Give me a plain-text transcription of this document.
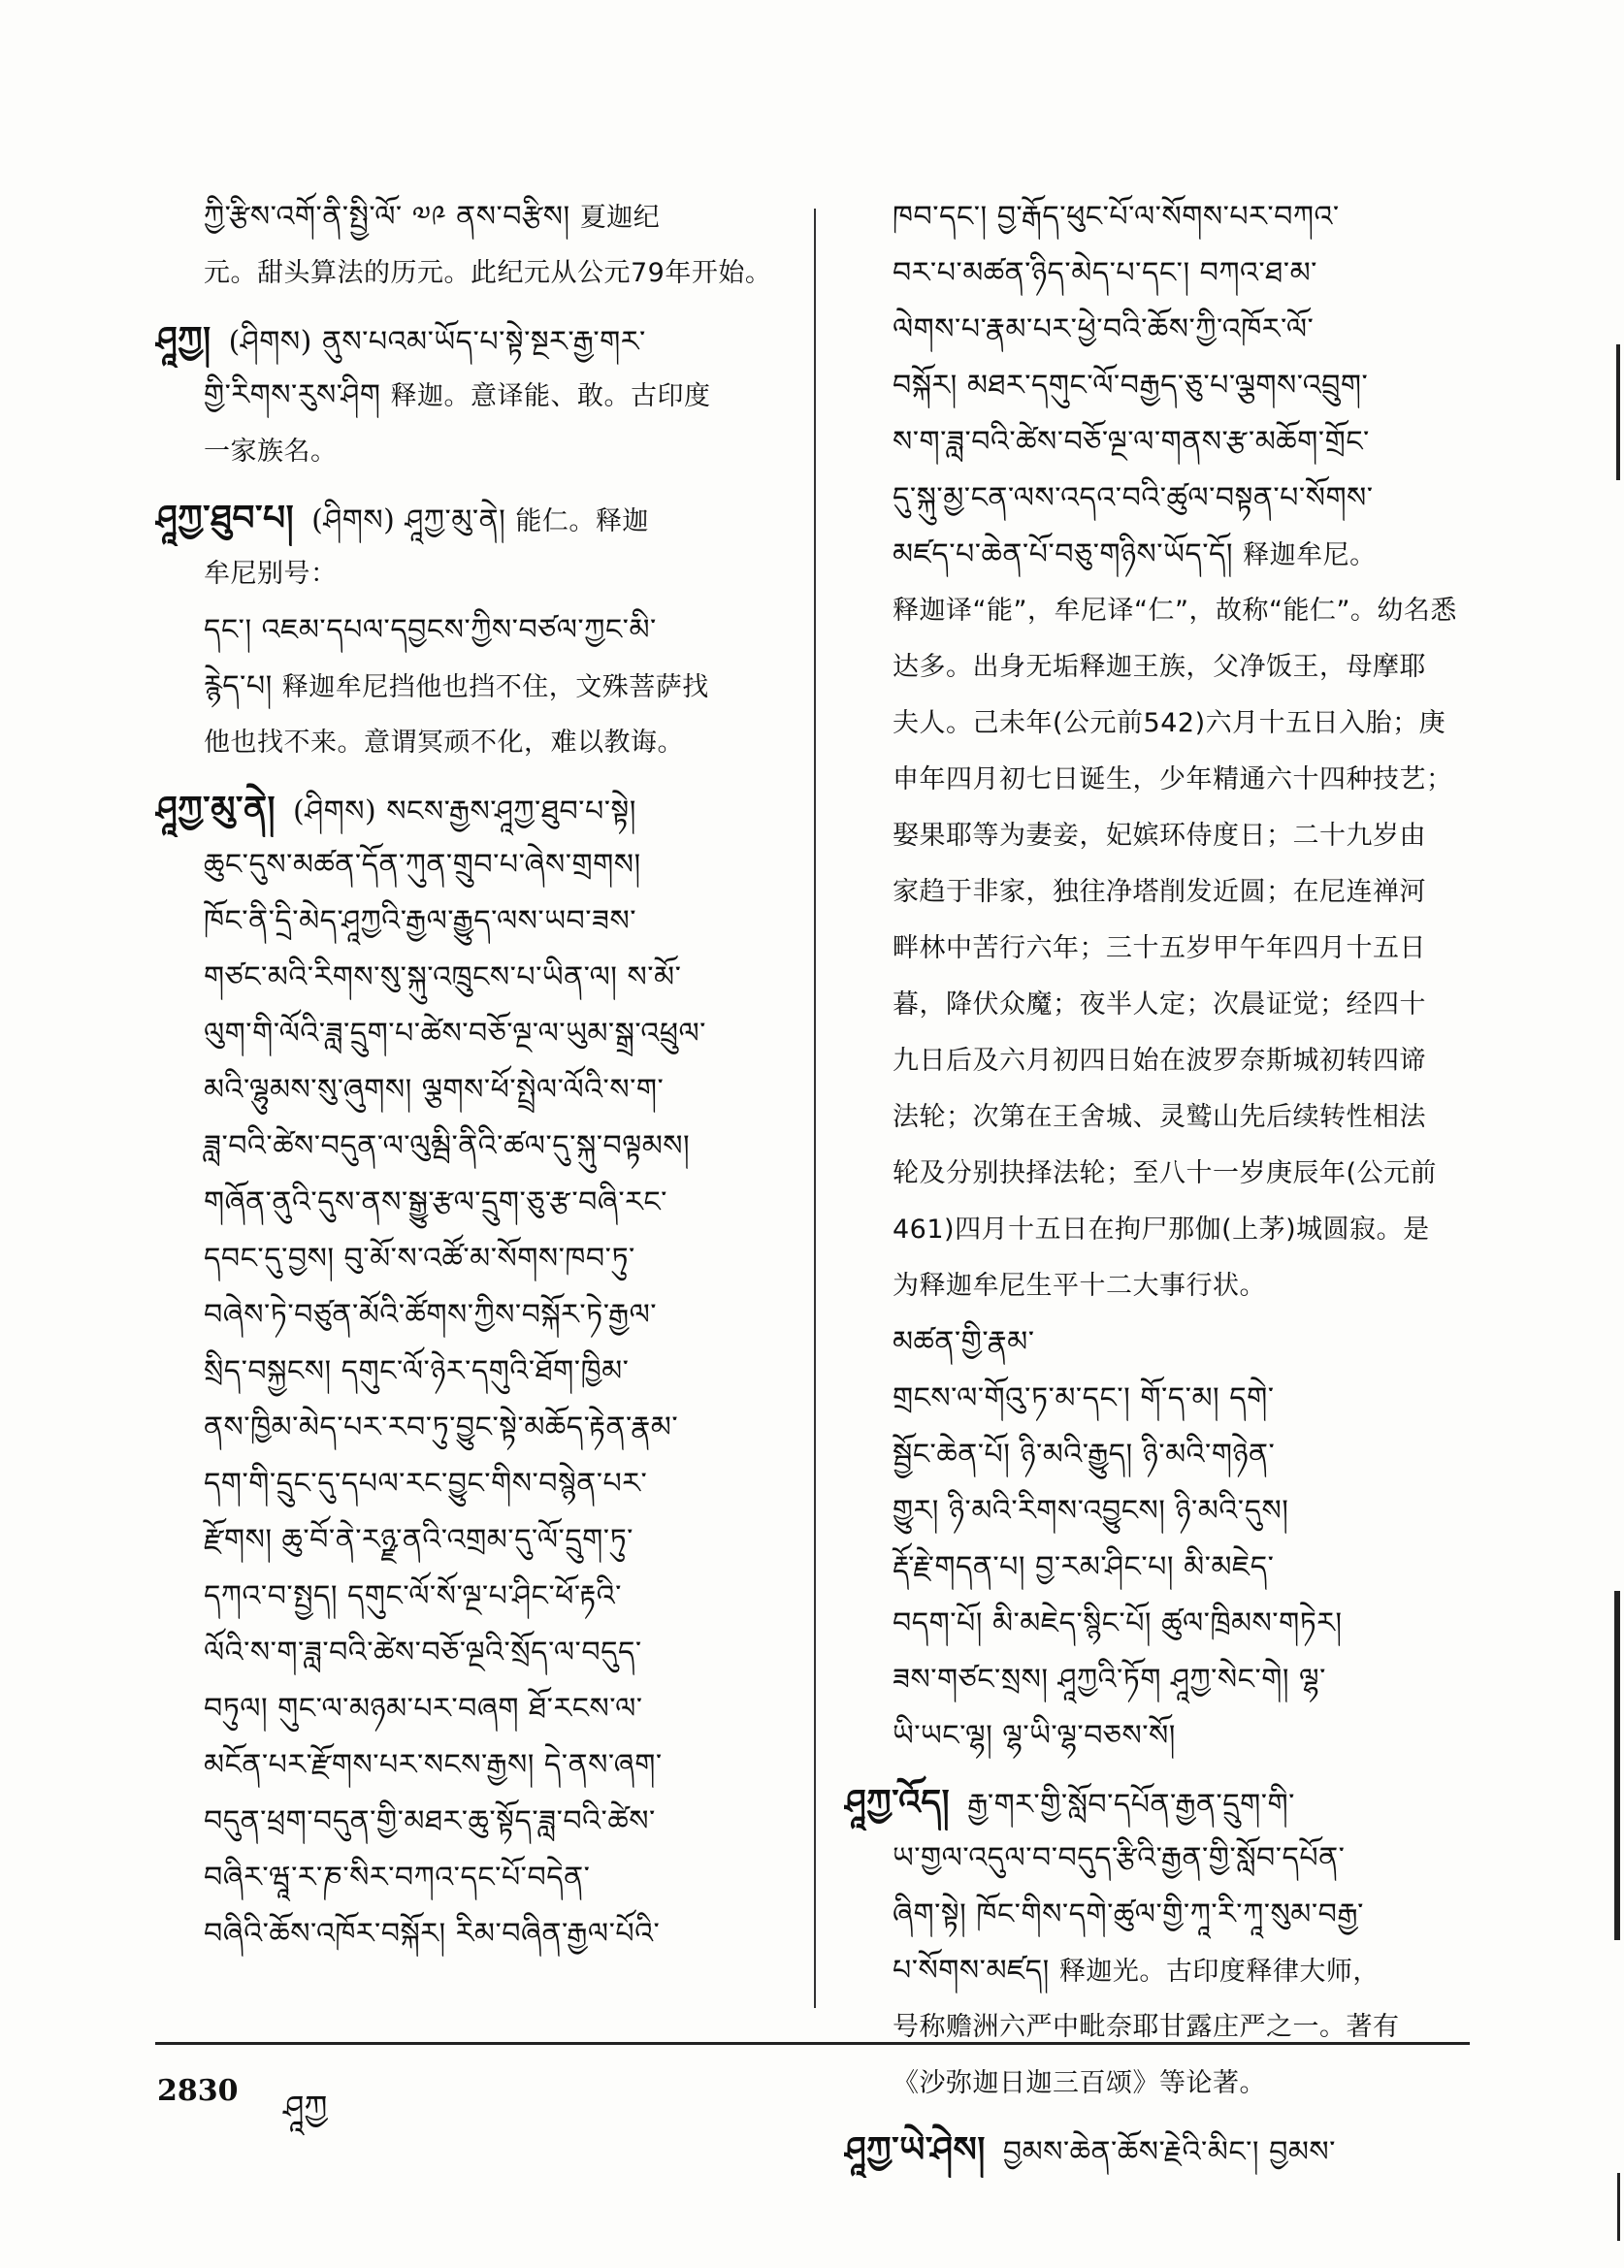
ཀྱི་རྩིས་འགོ་ནི་སྤྱི་ལོ་ ༧༩ ནས་བརྩིས། 夏迦纪
元。甜头算法的历元。此纪元从公元79年开始。
ཤཱཀྱ། (ཤིགས) ནུས་པའམ་ཡོད་པ་སྟེ་སྔར་རྒྱ་གར་
གྱི་རིགས་རུས་ཤིག 释迦。意译能、敢。古印度
一家族名。
ཤཱཀྱ་ཐུབ་པ། (ཤིགས) ཤཱཀྱ་མུ་ནེ། 能仁。释迦
牟尼别号：
དང་། འཇམ་དཔལ་དབྱངས་ཀྱིས་བཙལ་ཀྱང་མི་
རྙེད་པ། 释迦牟尼挡他也挡不住，文殊菩萨找
他也找不来。意谓冥顽不化，难以教诲。
ཤཱཀྱ་མུ་ནེ། (ཤིགས) སངས་རྒྱས་ཤཱཀྱ་ཐུབ་པ་སྟེ།
ཆུང་དུས་མཚན་དོན་ཀུན་གྲུབ་པ་ཞེས་གྲགས།
ཁོང་ནི་དྲི་མེད་ཤཱཀྱའི་རྒྱལ་རྒྱུད་ལས་ཡབ་ཟས་
གཙང་མའི་རིགས་སུ་སྐུ་འཁྲུངས་པ་ཡིན་ལ། ས་མོ་
ལུག་གི་ལོའི་ཟླ་དྲུག་པ་ཚེས་བཅོ་ལྔ་ལ་ཡུམ་སྒྲ་འཕྲུལ་
མའི་ལྷུམས་སུ་ཞུགས། ལྕགས་ཕོ་སྤྲེལ་ལོའི་ས་ག་
ཟླ་བའི་ཚེས་བདུན་ལ་ལུམྦི་ནིའི་ཚལ་དུ་སྐུ་བལྟམས།
གཞོན་ནུའི་དུས་ནས་སྒྱུ་རྩལ་དྲུག་ཅུ་རྩ་བཞི་རང་
དབང་དུ་བྱས། བུ་མོ་ས་འཚོ་མ་སོགས་ཁབ་ཏུ་
བཞེས་ཏེ་བཙུན་མོའི་ཚོགས་ཀྱིས་བསྐོར་ཏེ་རྒྱལ་
སྲིད་བསྐྱངས། དགུང་ལོ་ཉེར་དགུའི་ཐོག་ཁྱིམ་
ནས་ཁྱིམ་མེད་པར་རབ་ཏུ་བྱུང་སྟེ་མཆོད་རྟེན་རྣམ་
དག་གི་དྲུང་དུ་དཔལ་རང་བྱུང་གིས་བསྙེན་པར་
རྫོགས། ཆུ་བོ་ནེ་རཉྫ་ནའི་འགྲམ་དུ་ལོ་དྲུག་ཏུ་
དཀའ་བ་སྤྱད། དགུང་ལོ་སོ་ལྔ་པ་ཤིང་ཕོ་རྟའི་
ལོའི་ས་ག་ཟླ་བའི་ཚེས་བཅོ་ལྔའི་སྲོད་ལ་བདུད་
བཏུལ། གུང་ལ་མཉམ་པར་བཞག ཐོ་རངས་ལ་
མངོན་པར་རྫོགས་པར་སངས་རྒྱས། དེ་ནས་ཞག་
བདུན་ཕྲག་བདུན་གྱི་མཐར་ཆུ་སྟོད་ཟླ་བའི་ཚེས་
བཞིར་ཝཱ་ར་ཎ་སིར་བཀའ་དང་པོ་བདེན་
བཞིའི་ཆོས་འཁོར་བསྐོར། རིམ་བཞིན་རྒྱལ་པོའི་
ཁབ་དང་། བྱ་རྒོད་ཕུང་པོ་ལ་སོགས་པར་བཀའ་
བར་པ་མཚན་ཉིད་མེད་པ་དང་། བཀའ་ཐ་མ་
ལེགས་པ་རྣམ་པར་ཕྱེ་བའི་ཆོས་ཀྱི་འཁོར་ལོ་
བསྐོར། མཐར་དགུང་ལོ་བརྒྱད་ཅུ་པ་ལྕགས་འབྲུག་
ས་ག་ཟླ་བའི་ཚེས་བཅོ་ལྔ་ལ་གནས་རྩ་མཆོག་གྲོང་
དུ་སྐུ་མྱ་ངན་ལས་འདའ་བའི་ཚུལ་བསྟན་པ་སོགས་
མཛད་པ་ཆེན་པོ་བཅུ་གཉིས་ཡོད་དོ། 释迦牟尼。
释迦译“能”，牟尼译“仁”，故称“能仁”。幼名悉
达多。出身无垢释迦王族，父净饭王，母摩耶
夫人。己未年(公元前542)六月十五日入胎；庚
申年四月初七日诞生，少年精通六十四种技艺；
娶果耶等为妻妾，妃嫔环侍度日；二十九岁由
家趋于非家，独往净塔削发近圆；在尼连禅河
畔林中苦行六年；三十五岁甲午年四月十五日
暮，降伏众魔；夜半人定；次晨证觉；经四十
九日后及六月初四日始在波罗奈斯城初转四谛
法轮；次第在王舍城、灵鹫山先后续转性相法
轮及分别抉择法轮；至八十一岁庚辰年(公元前
461)四月十五日在拘尸那伽(上茅)城圆寂。是
为释迦牟尼生平十二大事行状。
མཚན་གྱི་རྣམ་
གྲངས་ལ་གོའུ་ཏ་མ་དང་། གོ་ད་མ། དགེ་
སྦྱོང་ཆེན་པོ། ཉི་མའི་རྒྱུད། ཉི་མའི་གཉེན་
གྱུར། ཉི་མའི་རིགས་འབྱུངས། ཉི་མའི་དུས།
རྡོ་རྗེ་གདན་པ། བྱ་རམ་ཤིང་པ། མི་མཇེད་
བདག་པོ། མི་མཇེད་སྙིང་པོ། ཚུལ་ཁྲིམས་གཏེར།
ཟས་གཙང་སྲས། ཤཱཀྱའི་ཏོག ཤཱཀྱ་སེང་གེ། ལྷ་
ཡི་ཡང་ལྷ། ལྷ་ཡི་ལྷ་བཅས་སོ།
ཤཱཀྱ་འོད། རྒྱ་གར་གྱི་སློབ་དཔོན་རྒྱན་དྲུག་གི་
ཡ་གྱལ་འདུལ་བ་བདུད་རྩིའི་རྒྱན་གྱི་སློབ་དཔོན་
ཞིག་སྟེ། ཁོང་གིས་དགེ་ཚུལ་གྱི་ཀཱ་རི་ཀཱ་སུམ་བརྒྱ་
པ་སོགས་མཛད། 释迦光。古印度释律大师，
号称赡洲六严中毗奈耶甘露庄严之一。著有
《沙弥迦日迦三百颂》等论著。
ཤཱཀྱ་ཡེ་ཤེས། བྱམས་ཆེན་ཆོས་རྗེའི་མིང་། བྱམས་
2830 ཤཱཀྱ
